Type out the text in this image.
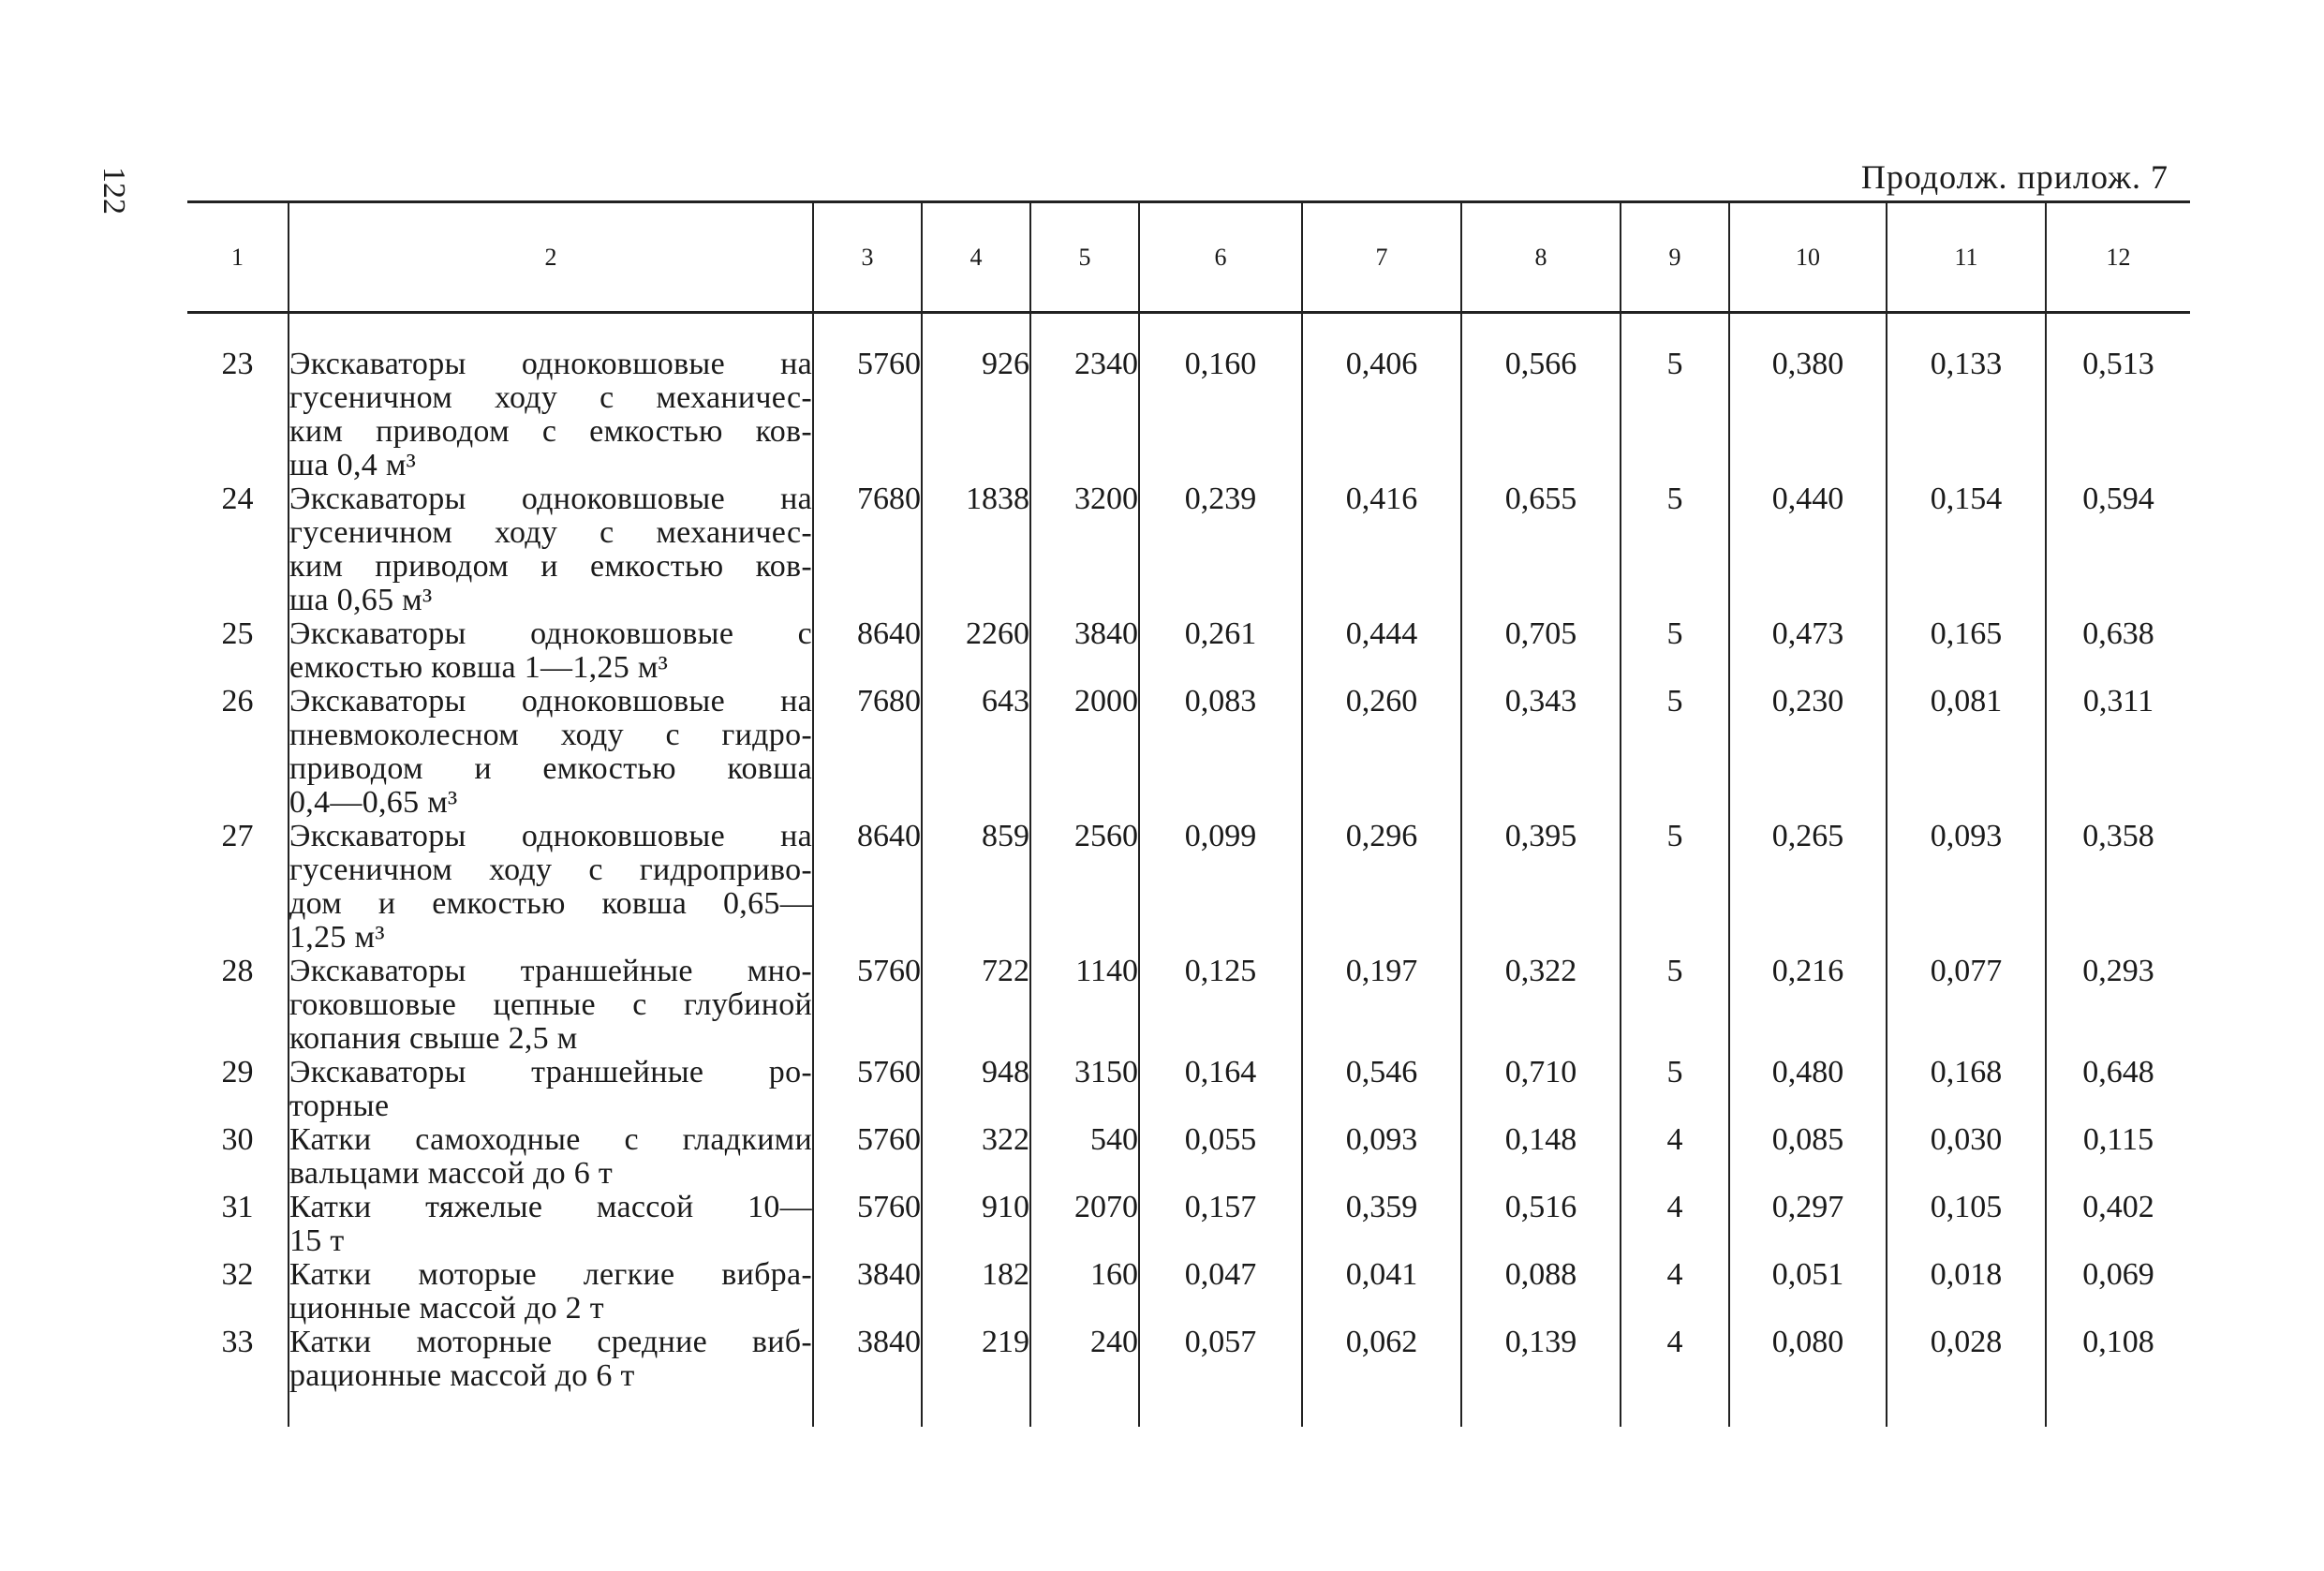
122	Продолж. прилож. 7
1	2	3	4	5	6	7	8	9	10	11	12
23	Экскаваторы одноковшовые на
гусеничном ходу с механичес-
ким приводом с емкостью ков-
ша 0,4 м³	5760	926	2340	0,160	0,406	0,566	5	0,380	0,133	0,513
24	Экскаваторы одноковшовые на
гусеничном ходу с механичес-
ким приводом и емкостью ков-
ша 0,65 м³	7680	1838	3200	0,239	0,416	0,655	5	0,440	0,154	0,594
25	Экскаваторы одноковшовые с
емкостью ковша 1—1,25 м³	8640	2260	3840	0,261	0,444	0,705	5	0,473	0,165	0,638
26	Экскаваторы одноковшовые на
пневмоколесном ходу с гидро-
приводом и емкостью ковша
0,4—0,65 м³	7680	643	2000	0,083	0,260	0,343	5	0,230	0,081	0,311
27	Экскаваторы одноковшовые на
гусеничном ходу с гидроприво-
дом и емкостью ковша 0,65—
1,25 м³	8640	859	2560	0,099	0,296	0,395	5	0,265	0,093	0,358
28	Экскаваторы траншейные мно-
гоковшовые цепные с глубиной
копания свыше 2,5 м	5760	722	1140	0,125	0,197	0,322	5	0,216	0,077	0,293
29	Экскаваторы траншейные ро-
торные	5760	948	3150	0,164	0,546	0,710	5	0,480	0,168	0,648
30	Катки самоходные с гладкими
вальцами массой до 6 т	5760	322	540	0,055	0,093	0,148	4	0,085	0,030	0,115
31	Катки тяжелые массой 10—
15 т	5760	910	2070	0,157	0,359	0,516	4	0,297	0,105	0,402
32	Катки моторые легкие вибра-
ционные массой до 2 т	3840	182	160	0,047	0,041	0,088	4	0,051	0,018	0,069
33	Катки моторные средние виб-
рационные массой до 6 т	3840	219	240	0,057	0,062	0,139	4	0,080	0,028	0,108
